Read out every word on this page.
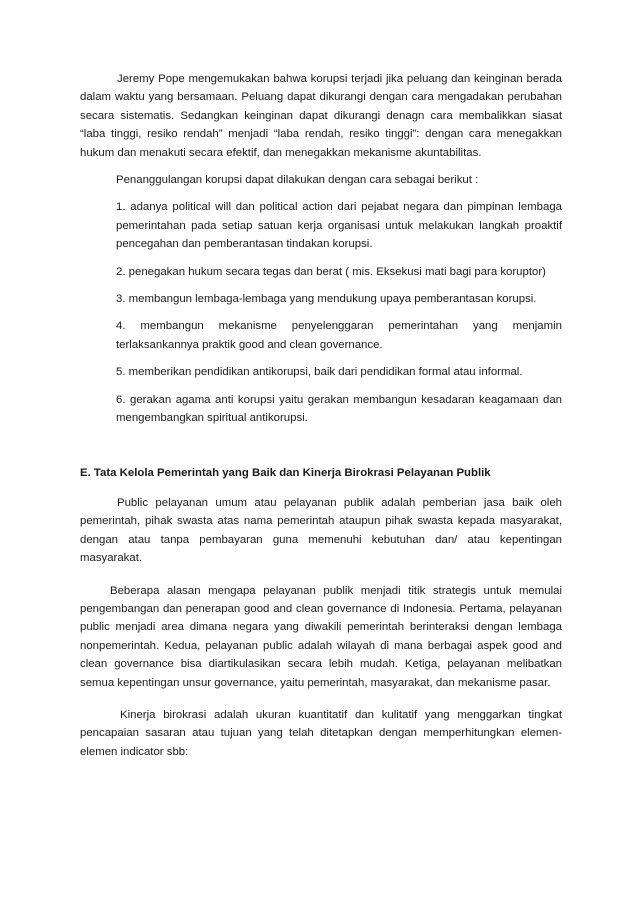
Jeremy Pope mengemukakan bahwa korupsi terjadi jika peluang dan keinginan berada dalam waktu yang bersamaan. Peluang dapat dikurangi dengan cara mengadakan perubahan secara sistematis. Sedangkan keinginan dapat dikurangi denagn cara membalikkan siasat “laba tinggi, resiko rendah” menjadi “laba rendah, resiko tinggi”: dengan cara menegakkan hukum dan menakuti secara efektif, dan menegakkan mekanisme akuntabilitas.

Penanggulangan korupsi dapat dilakukan dengan cara sebagai berikut :

1. adanya political will dan political action dari pejabat negara dan pimpinan lembaga pemerintahan pada setiap satuan kerja organisasi untuk melakukan langkah proaktif pencegahan dan pemberantasan tindakan korupsi.

2. penegakan hukum secara tegas dan berat ( mis. Eksekusi mati bagi para koruptor)

3. membangun lembaga-lembaga yang mendukung upaya pemberantasan korupsi.

4. membangun mekanisme penyelenggaran pemerintahan yang menjamin terlaksankannya praktik good and clean governance.

5. memberikan pendidikan antikorupsi, baik dari pendidikan formal atau informal.

6. gerakan agama anti korupsi yaitu gerakan membangun kesadaran keagamaan dan mengembangkan spiritual antikorupsi.

E. Tata Kelola Pemerintah yang Baik dan Kinerja Birokrasi Pelayanan Publik

Public pelayanan umum atau pelayanan publik adalah pemberian jasa baik oleh pemerintah, pihak swasta atas nama pemerintah ataupun pihak swasta kepada masyarakat, dengan atau tanpa pembayaran guna memenuhi kebutuhan dan/ atau kepentingan masyarakat.

Beberapa alasan mengapa pelayanan publik menjadi titik strategis untuk memulai pengembangan dan penerapan good and clean governance di Indonesia. Pertama, pelayanan public menjadi area dimana negara yang diwakili pemerintah berinteraksi dengan lembaga nonpemerintah. Kedua, pelayanan public adalah wilayah di mana berbagai aspek good and clean governance bisa diartikulasikan secara lebih mudah. Ketiga, pelayanan melibatkan semua kepentingan unsur governance, yaitu pemerintah, masyarakat, dan mekanisme pasar.

Kinerja birokrasi adalah ukuran kuantitatif dan kulitatif yang menggarkan tingkat pencapaian sasaran atau tujuan yang telah ditetapkan dengan memperhitungkan elemen-elemen indicator sbb:
